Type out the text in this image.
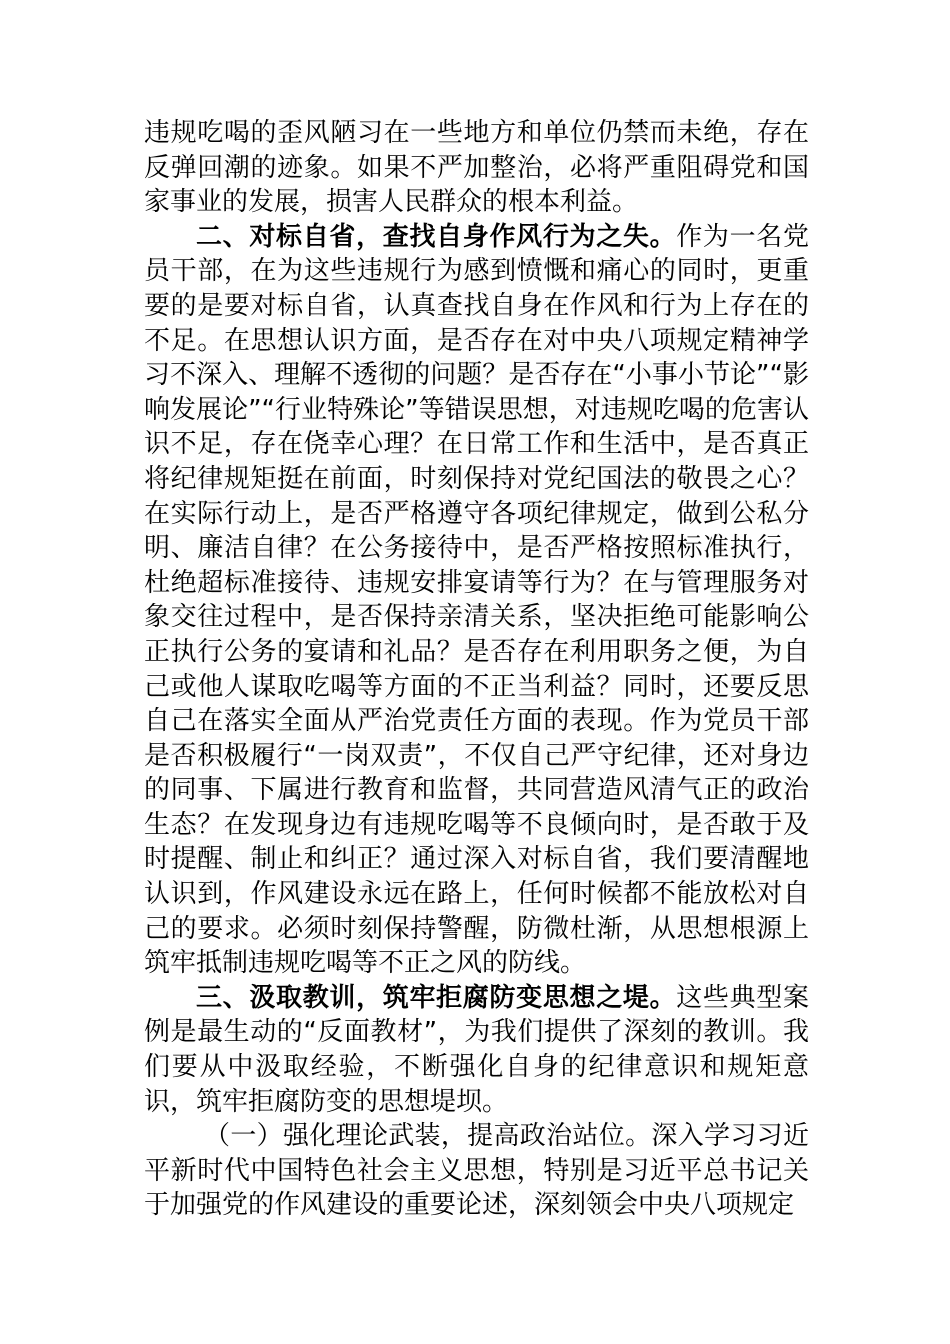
违规吃喝的歪风陋习在一些地方和单位仍禁而未绝，存在反弹回潮的迹象。如果不严加整治，必将严重阻碍党和国家事业的发展，损害人民群众的根本利益。

二、对标自省，查找自身作风行为之失。作为一名党员干部，在为这些违规行为感到愤慨和痛心的同时，更重要的是要对标自省，认真查找自身在作风和行为上存在的不足。在思想认识方面，是否存在对中央八项规定精神学习不深入、理解不透彻的问题？是否存在“小事小节论”“影响发展论”“行业特殊论”等错误思想，对违规吃喝的危害认识不足，存在侥幸心理？在日常工作和生活中，是否真正将纪律规矩挺在前面，时刻保持对党纪国法的敬畏之心？在实际行动上，是否严格遵守各项纪律规定，做到公私分明、廉洁自律？在公务接待中，是否严格按照标准执行，杜绝超标准接待、违规安排宴请等行为？在与管理服务对象交往过程中，是否保持亲清关系，坚决拒绝可能影响公正执行公务的宴请和礼品？是否存在利用职务之便，为自己或他人谋取吃喝等方面的不正当利益？同时，还要反思自己在落实全面从严治党责任方面的表现。作为党员干部是否积极履行“一岗双责”，不仅自己严守纪律，还对身边的同事、下属进行教育和监督，共同营造风清气正的政治生态？在发现身边有违规吃喝等不良倾向时，是否敢于及时提醒、制止和纠正？通过深入对标自省，我们要清醒地认识到，作风建设永远在路上，任何时候都不能放松对自己的要求。必须时刻保持警醒，防微杜渐，从思想根源上筑牢抵制违规吃喝等不正之风的防线。

三、汲取教训，筑牢拒腐防变思想之堤。这些典型案例是最生动的“反面教材”，为我们提供了深刻的教训。我们要从中汲取经验，不断强化自身的纪律意识和规矩意识，筑牢拒腐防变的思想堤坝。

（一）强化理论武装，提高政治站位。深入学习习近平新时代中国特色社会主义思想，特别是习近平总书记关于加强党的作风建设的重要论述，深刻领会中央八项规定
